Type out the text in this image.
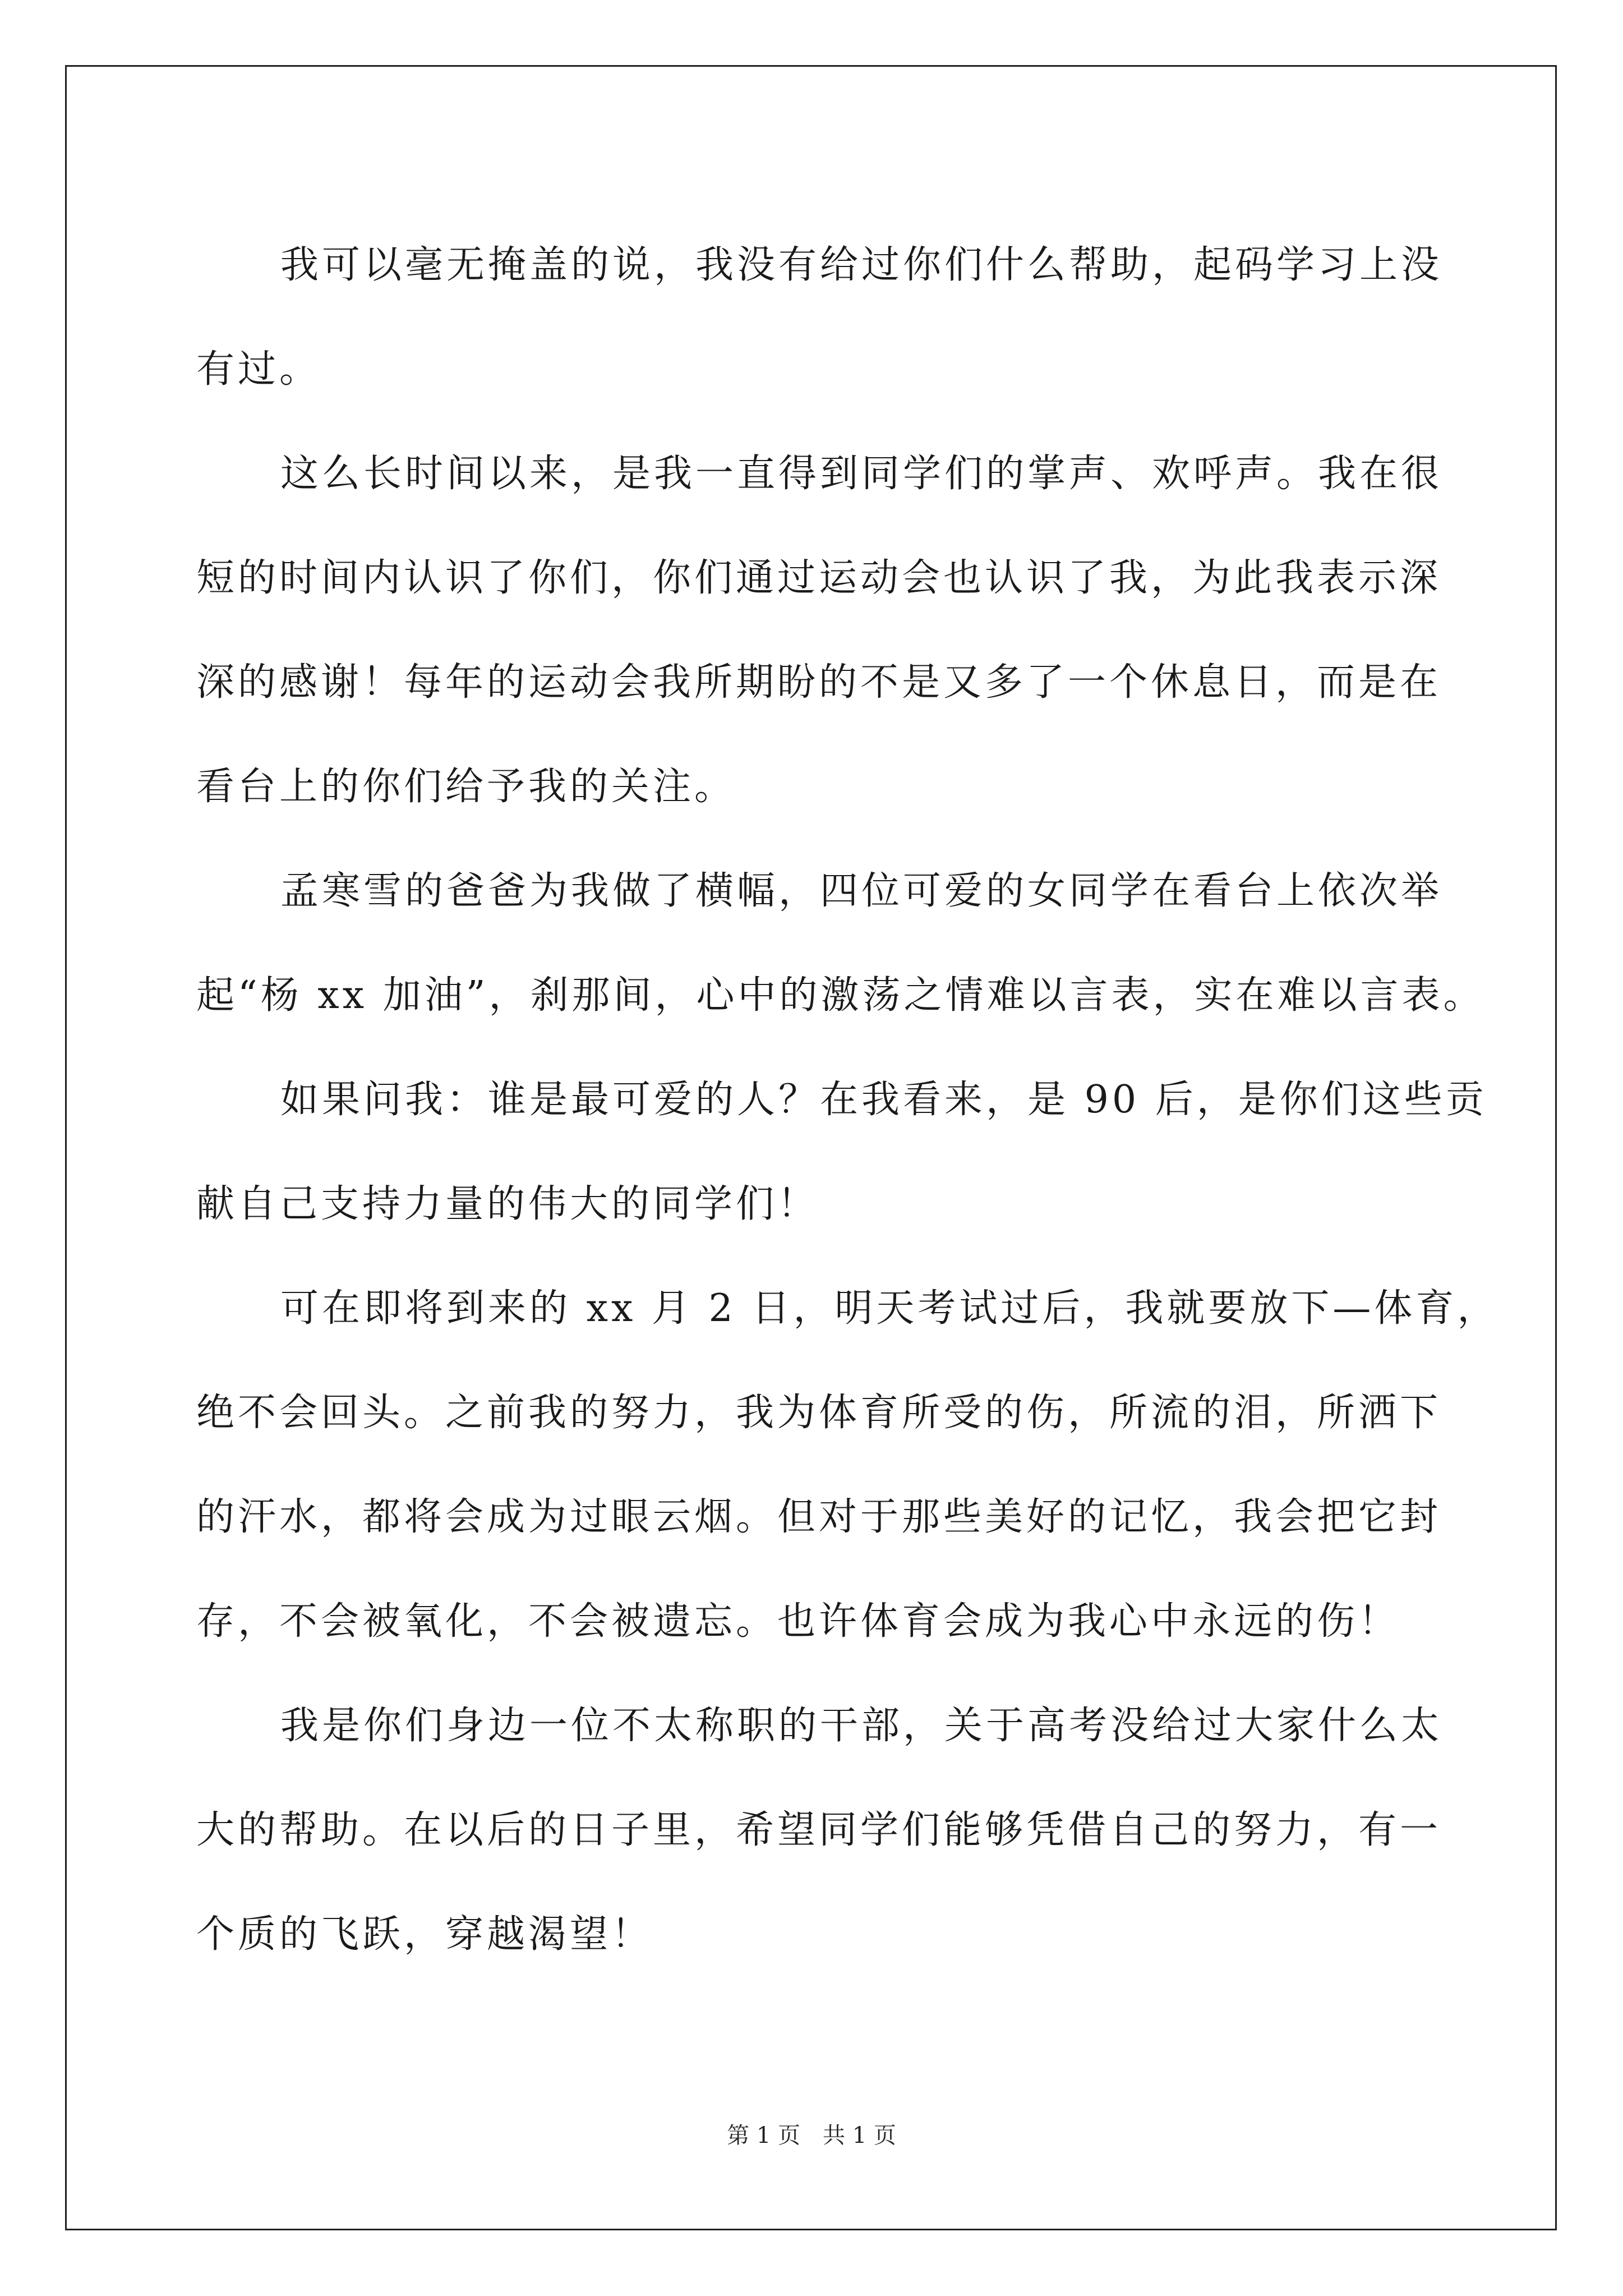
我可以毫无掩盖的说，我没有给过你们什么帮助，起码学习上没
有过。

这么长时间以来，是我一直得到同学们的掌声、欢呼声。我在很
短的时间内认识了你们，你们通过运动会也认识了我，为此我表示深
深的感谢！每年的运动会我所期盼的不是又多了一个休息日，而是在
看台上的你们给予我的关注。

孟寒雪的爸爸为我做了横幅，四位可爱的女同学在看台上依次举
起“杨 xx 加油”，刹那间，心中的激荡之情难以言表，实在难以言表。

如果问我：谁是最可爱的人？在我看来，是 90 后，是你们这些贡
献自己支持力量的伟大的同学们！

可在即将到来的 xx 月 2 日，明天考试过后，我就要放下—体育，
绝不会回头。之前我的努力，我为体育所受的伤，所流的泪，所洒下
的汗水，都将会成为过眼云烟。但对于那些美好的记忆，我会把它封
存，不会被氧化，不会被遗忘。也许体育会成为我心中永远的伤！

我是你们身边一位不太称职的干部，关于高考没给过大家什么太
大的帮助。在以后的日子里，希望同学们能够凭借自己的努力，有一
个质的飞跃，穿越渴望！

第 1 页　共 1 页
